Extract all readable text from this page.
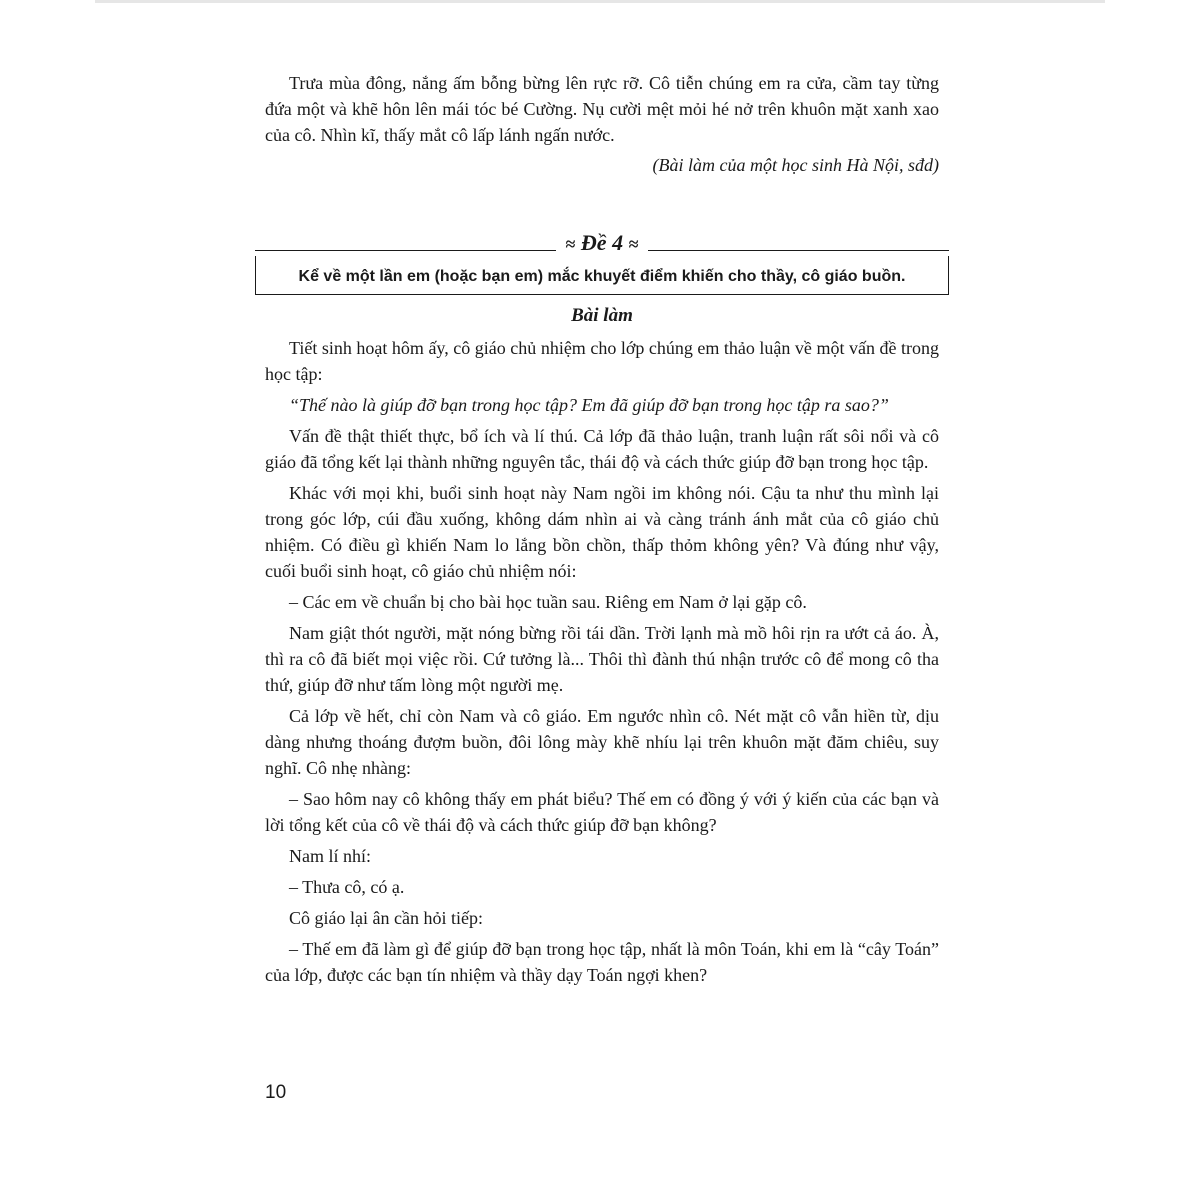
Trưa mùa đông, nắng ấm bỗng bừng lên rực rỡ. Cô tiễn chúng em ra cửa, cầm tay từng đứa một và khẽ hôn lên mái tóc bé Cường. Nụ cười mệt mỏi hé nở trên khuôn mặt xanh xao của cô. Nhìn kĩ, thấy mắt cô lấp lánh ngấn nước.

(Bài làm của một học sinh Hà Nội, sđd)

≈ Đề 4 ≈
Kể về một lần em (hoặc bạn em) mắc khuyết điểm khiến cho thầy, cô giáo buồn.
Bài làm

Tiết sinh hoạt hôm ấy, cô giáo chủ nhiệm cho lớp chúng em thảo luận về một vấn đề trong học tập:

“Thế nào là giúp đỡ bạn trong học tập? Em đã giúp đỡ bạn trong học tập ra sao?”

Vấn đề thật thiết thực, bổ ích và lí thú. Cả lớp đã thảo luận, tranh luận rất sôi nổi và cô giáo đã tổng kết lại thành những nguyên tắc, thái độ và cách thức giúp đỡ bạn trong học tập.

Khác với mọi khi, buổi sinh hoạt này Nam ngồi im không nói. Cậu ta như thu mình lại trong góc lớp, cúi đầu xuống, không dám nhìn ai và càng tránh ánh mắt của cô giáo chủ nhiệm. Có điều gì khiến Nam lo lắng bồn chồn, thấp thỏm không yên? Và đúng như vậy, cuối buổi sinh hoạt, cô giáo chủ nhiệm nói:

– Các em về chuẩn bị cho bài học tuần sau. Riêng em Nam ở lại gặp cô.

Nam giật thót người, mặt nóng bừng rồi tái dần. Trời lạnh mà mồ hôi rịn ra ướt cả áo. À, thì ra cô đã biết mọi việc rồi. Cứ tưởng là... Thôi thì đành thú nhận trước cô để mong cô tha thứ, giúp đỡ như tấm lòng một người mẹ.

Cả lớp về hết, chỉ còn Nam và cô giáo. Em ngước nhìn cô. Nét mặt cô vẫn hiền từ, dịu dàng nhưng thoáng đượm buồn, đôi lông mày khẽ nhíu lại trên khuôn mặt đăm chiêu, suy nghĩ. Cô nhẹ nhàng:

– Sao hôm nay cô không thấy em phát biểu? Thế em có đồng ý với ý kiến của các bạn và lời tổng kết của cô về thái độ và cách thức giúp đỡ bạn không?

Nam lí nhí:

– Thưa cô, có ạ.

Cô giáo lại ân cần hỏi tiếp:

– Thế em đã làm gì để giúp đỡ bạn trong học tập, nhất là môn Toán, khi em là “cây Toán” của lớp, được các bạn tín nhiệm và thầy dạy Toán ngợi khen?

10
